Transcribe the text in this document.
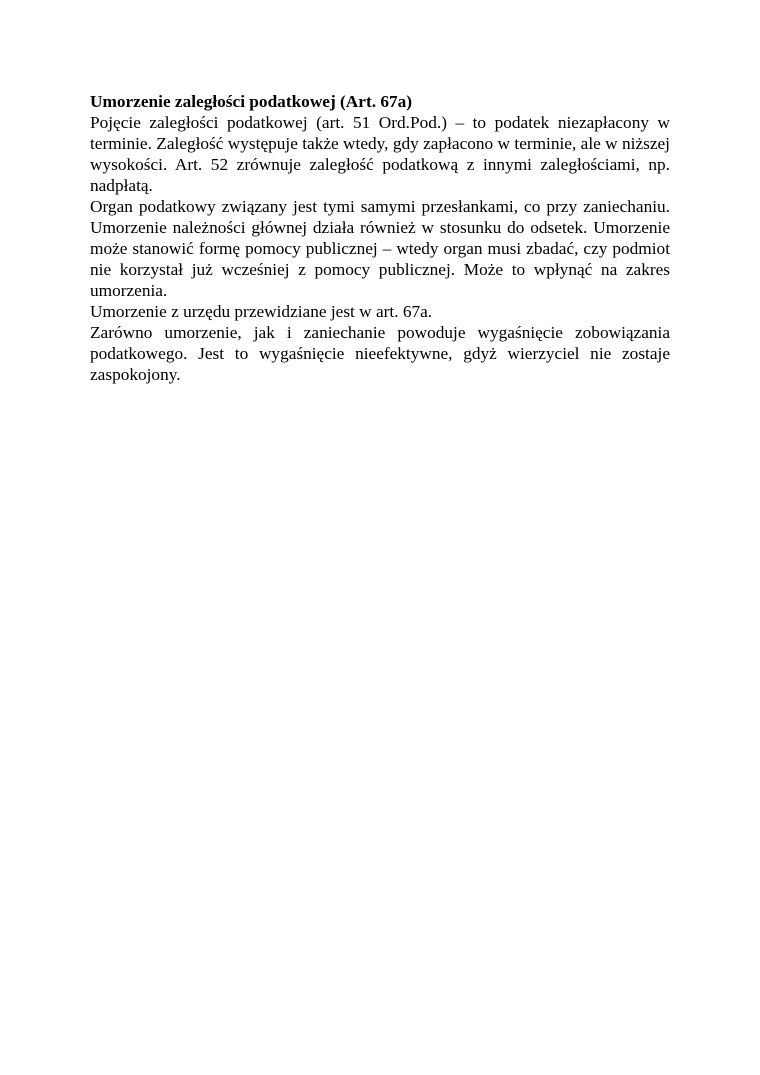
Umorzenie zaległości podatkowej (Art. 67a)

Pojęcie zaległości podatkowej (art. 51 Ord.Pod.) – to podatek niezapłacony w terminie. Zaległość występuje także wtedy, gdy zapłacono w terminie, ale w niższej wysokości. Art. 52 zrównuje zaległość podatkową z innymi zaległościami, np. nadpłatą.

Organ podatkowy związany jest tymi samymi przesłankami, co przy zaniechaniu. Umorzenie należności głównej działa również w stosunku do odsetek. Umorzenie może stanowić formę pomocy publicznej – wtedy organ musi zbadać, czy podmiot nie korzystał już wcześniej z pomocy publicznej. Może to wpłynąć na zakres umorzenia.

Umorzenie z urzędu przewidziane jest w art. 67a.

Zarówno umorzenie, jak i zaniechanie powoduje wygaśnięcie zobowiązania podatkowego. Jest to wygaśnięcie nieefektywne, gdyż wierzyciel nie zostaje zaspokojony.
